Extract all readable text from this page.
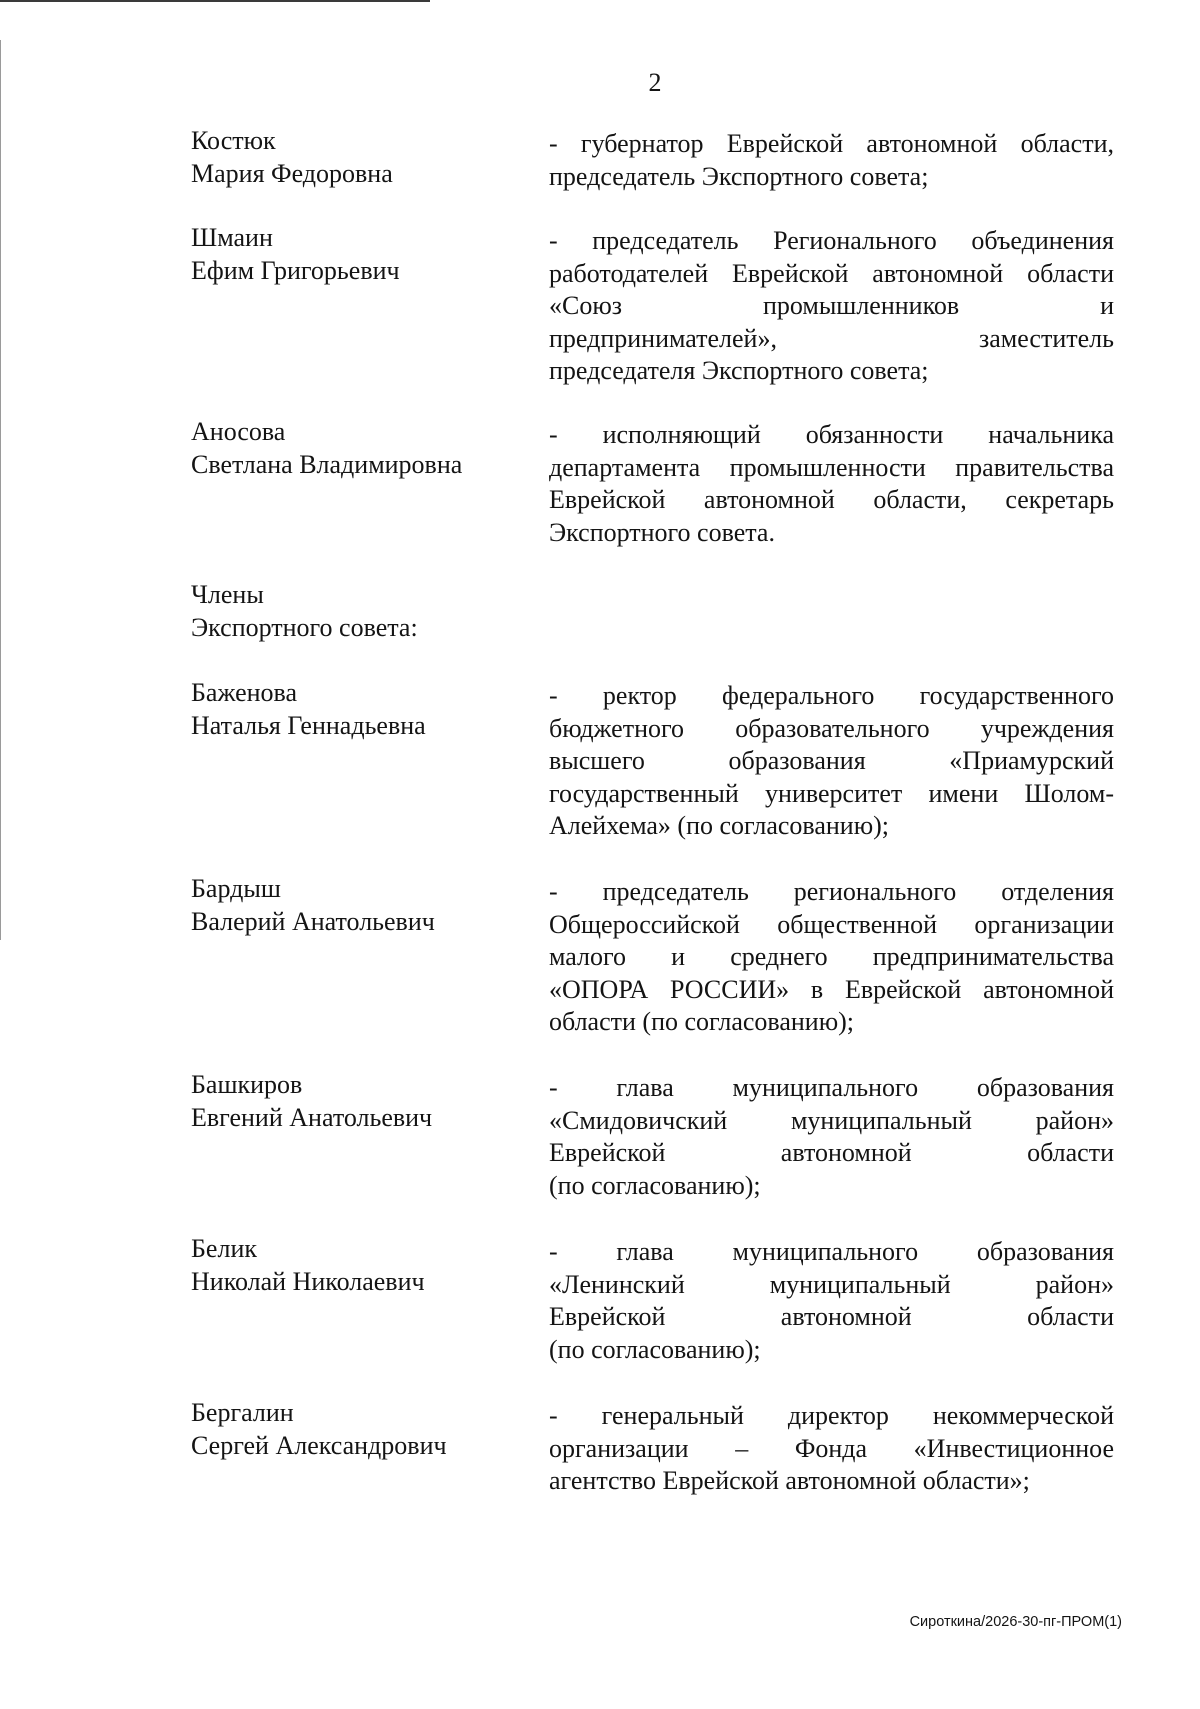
2
Костюк
Мария Федоровна
- губернатор Еврейской автономной области,
председатель Экспортного совета;
Шмаин
Ефим Григорьевич
- председатель Регионального объединения
работодателей Еврейской автономной области
«Союз промышленников и
предпринимателей», заместитель
председателя Экспортного совета;
Аносова
Светлана Владимировна
- исполняющий обязанности начальника
департамента промышленности правительства
Еврейской автономной области, секретарь
Экспортного совета.
Члены
Экспортного совета:
Баженова
Наталья Геннадьевна
- ректор федерального государственного
бюджетного образовательного учреждения
высшего образования «Приамурский
государственный университет имени Шолом-
Алейхема» (по согласованию);
Бардыш
Валерий Анатольевич
- председатель регионального отделения
Общероссийской общественной организации
малого и среднего предпринимательства
«ОПОРА РОССИИ» в Еврейской автономной
области (по согласованию);
Башкиров
Евгений Анатольевич
- глава муниципального образования
«Смидовичский муниципальный район»
Еврейской автономной области
(по согласованию);
Белик
Николай Николаевич
- глава муниципального образования
«Ленинский муниципальный район»
Еврейской автономной области
(по согласованию);
Бергалин
Сергей Александрович
- генеральный директор некоммерческой
организации – Фонда «Инвестиционное
агентство Еврейской автономной области»;
Сироткина/2026-30-пг-ПРОМ(1)
